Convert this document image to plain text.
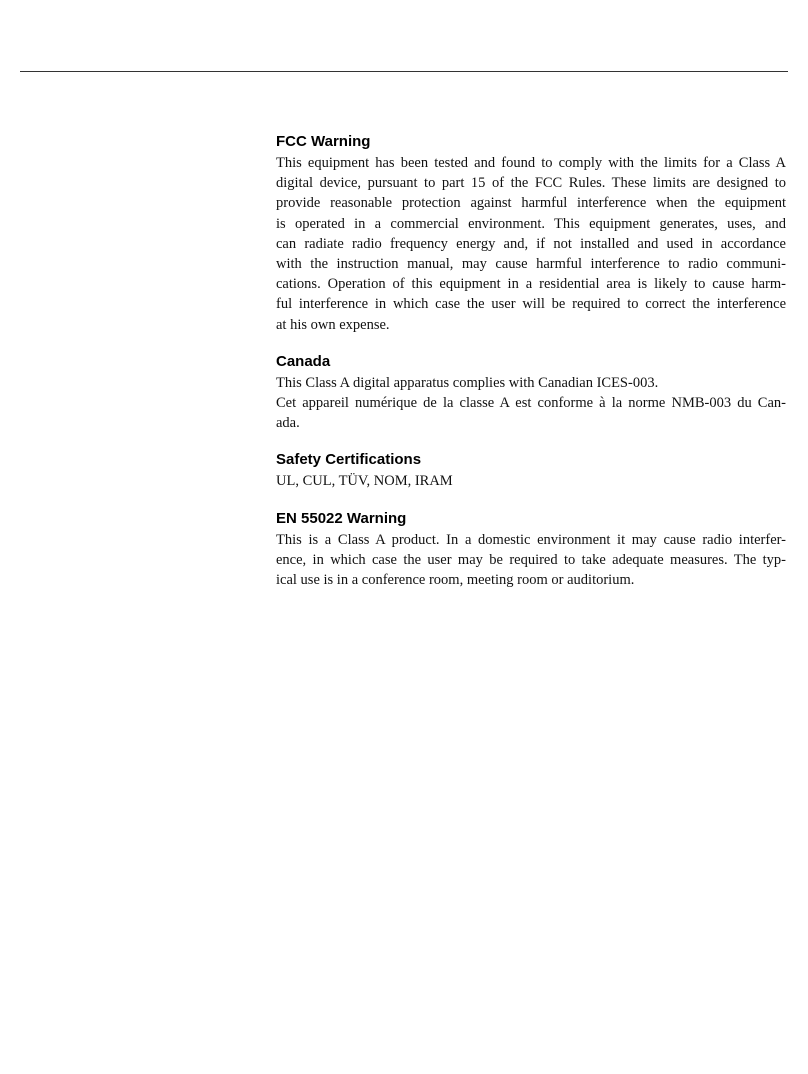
FCC Warning
This equipment has been tested and found to comply with the limits for a Class A
digital device, pursuant to part 15 of the FCC Rules. These limits are designed to
provide reasonable protection against harmful interference when the equipment
is operated in a commercial environment. This equipment generates, uses, and
can radiate radio frequency energy and, if not installed and used in accordance
with the instruction manual, may cause harmful interference to radio communi-
cations. Operation of this equipment in a residential area is likely to cause harm-
ful interference in which case the user will be required to correct the interference
at his own expense.
Canada
This Class A digital apparatus complies with Canadian ICES-003.
Cet appareil numérique de la classe A est conforme à la norme NMB-003 du Can-
ada.
Safety Certifications
UL, CUL, TÜV, NOM, IRAM
EN 55022 Warning
This is a Class A product. In a domestic environment it may cause radio interfer-
ence, in which case the user may be required to take adequate measures. The typ-
ical use is in a conference room, meeting room or auditorium.
